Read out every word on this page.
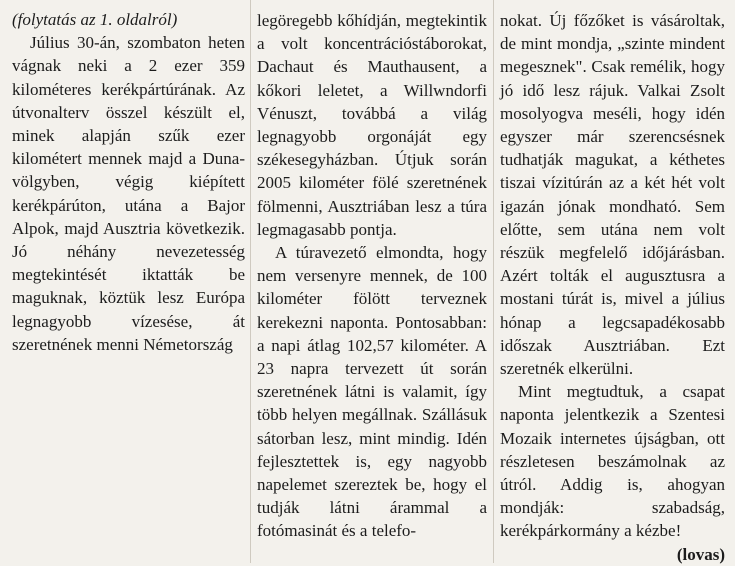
(folytatás az 1. oldalról)

Július 30-án, szombaton heten vágnak neki a 2 ezer 359 kilométeres kerékpártúrának. Az útvonalterv összel készült el, minek alapján szűk ezer kilométert mennek majd a Duna-völgyben, végig kiépített kerékpárúton, utána a Bajor Alpok, majd Ausztria következik. Jó néhány nevezetesség megtekintését iktatták be maguknak, köztük lesz Európa legnagyobb vízesése, át szeretnének menni Németország

legöregebb kőhídján, megtekintik a volt koncentrációstáborokat, Dachaut és Mauthausent, a kőkori leletet, a Willwndorfi Vénuszt, továbbá a világ legnagyobb orgonáját egy székesegyházban. Útjuk során 2005 kilométer fölé szeretnének fölmenni, Ausztriában lesz a túra legmagasabb pontja.

A túravezető elmondta, hogy nem versenyre mennek, de 100 kilométer fölött terveznek kerekezni naponta. Pontosabban: a napi átlag 102,57 kilométer. A 23 napra tervezett út során szeretnének látni is valamit, így több helyen megállnak. Szállásuk sátorban lesz, mint mindig. Idén fejlesztettek is, egy nagyobb napelemet szereztek be, hogy el tudják látni árammal a fotómasinát és a telefo-

nokat. Új főzőket is vásároltak, de mint mondja, „szinte mindent megesznek". Csak remélik, hogy jó idő lesz rájuk. Valkai Zsolt mosolyogva meséli, hogy idén egyszer már szerencsésnek tudhatják magukat, a kéthetes tiszai vízitúrán az a két hét volt igazán jónak mondható. Sem előtte, sem utána nem volt részük megfelelő időjárásban. Azért tolták el augusztusra a mostani túrát is, mivel a július hónap a legcsapadékosabb időszak Ausztriában. Ezt szeretnék elkerülni.

Mint megtudtuk, a csapat naponta jelentkezik a Szentesi Mozaik internetes újságban, ott részletesen beszámolnak az útról. Addig is, ahogyan mondják: szabadság, kerékpárkormány a kézbe!

(lovas)
